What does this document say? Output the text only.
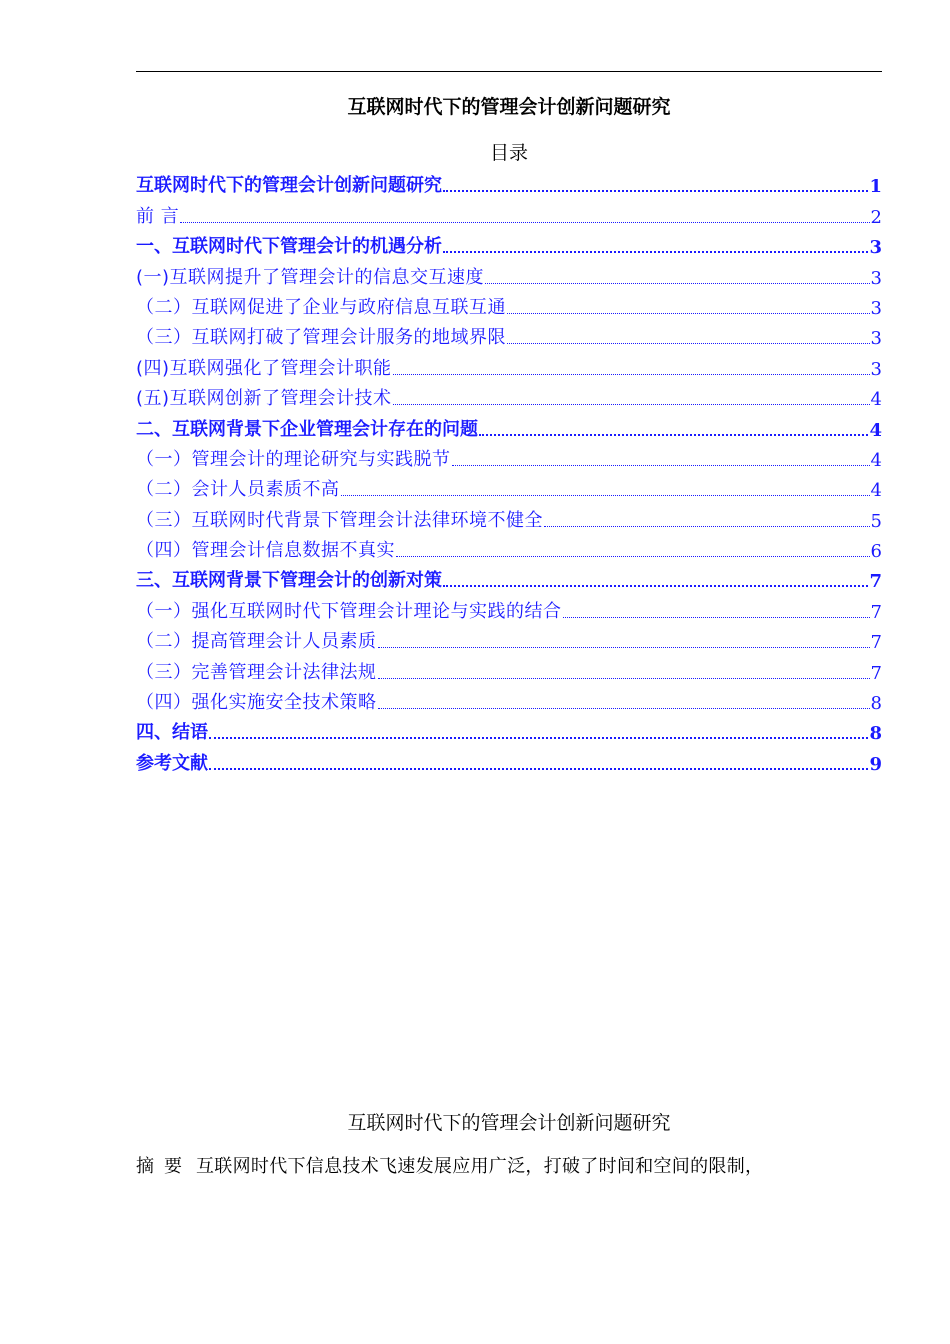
互联网时代下的管理会计创新问题研究
目录
互联网时代下的管理会计创新问题研究	1
前 言	2
一、互联网时代下管理会计的机遇分析	3
(一)互联网提升了管理会计的信息交互速度	3
（二）互联网促进了企业与政府信息互联互通	3
（三）互联网打破了管理会计服务的地域界限	3
(四)互联网强化了管理会计职能	3
(五)互联网创新了管理会计技术	4
二、互联网背景下企业管理会计存在的问题	4
（一）管理会计的理论研究与实践脱节	4
（二）会计人员素质不高	4
（三）互联网时代背景下管理会计法律环境不健全	5
（四）管理会计信息数据不真实	6
三、互联网背景下管理会计的创新对策	7
（一）强化互联网时代下管理会计理论与实践的结合	7
（二）提高管理会计人员素质	7
（三）完善管理会计法律法规	7
（四）强化实施安全技术策略	8
四、结语	8
参考文献	9
互联网时代下的管理会计创新问题研究
摘要 互联网时代下信息技术飞速发展应用广泛，打破了时间和空间的限制，
